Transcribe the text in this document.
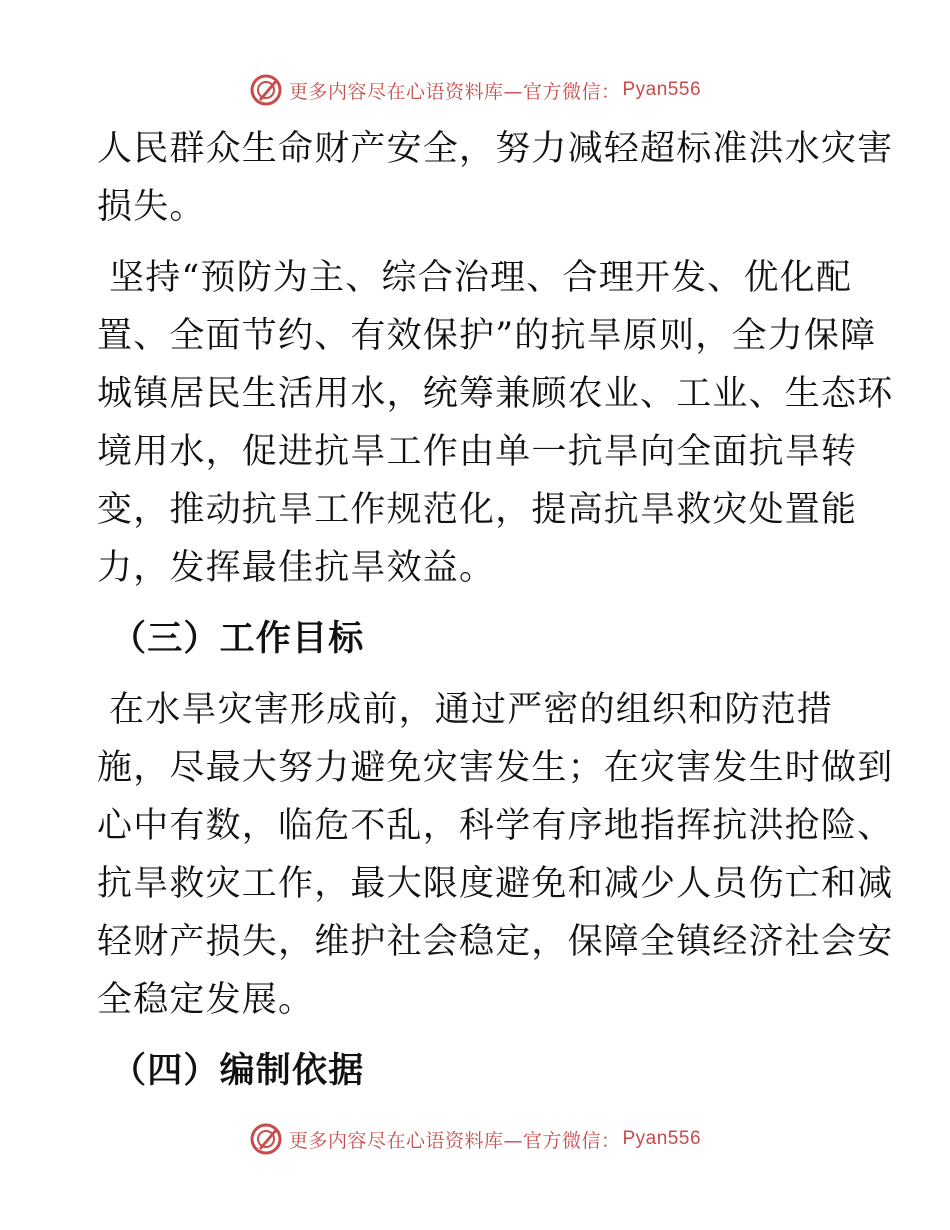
更多内容尽在心语资料库—官方微信： Pyan556

人民群众生命财产安全，努力减轻超标准洪水灾害
损失。

坚持“预防为主、综合治理、合理开发、优化配
置、全面节约、有效保护”的抗旱原则，全力保障
城镇居民生活用水，统筹兼顾农业、工业、生态环
境用水，促进抗旱工作由单一抗旱向全面抗旱转
变，推动抗旱工作规范化，提高抗旱救灾处置能
力，发挥最佳抗旱效益。

（三）工作目标

在水旱灾害形成前，通过严密的组织和防范措
施，尽最大努力避免灾害发生；在灾害发生时做到
心中有数，临危不乱，科学有序地指挥抗洪抢险、
抗旱救灾工作，最大限度避免和减少人员伤亡和减
轻财产损失，维护社会稳定，保障全镇经济社会安
全稳定发展。

（四）编制依据
更多内容尽在心语资料库—官方微信： Pyan556
